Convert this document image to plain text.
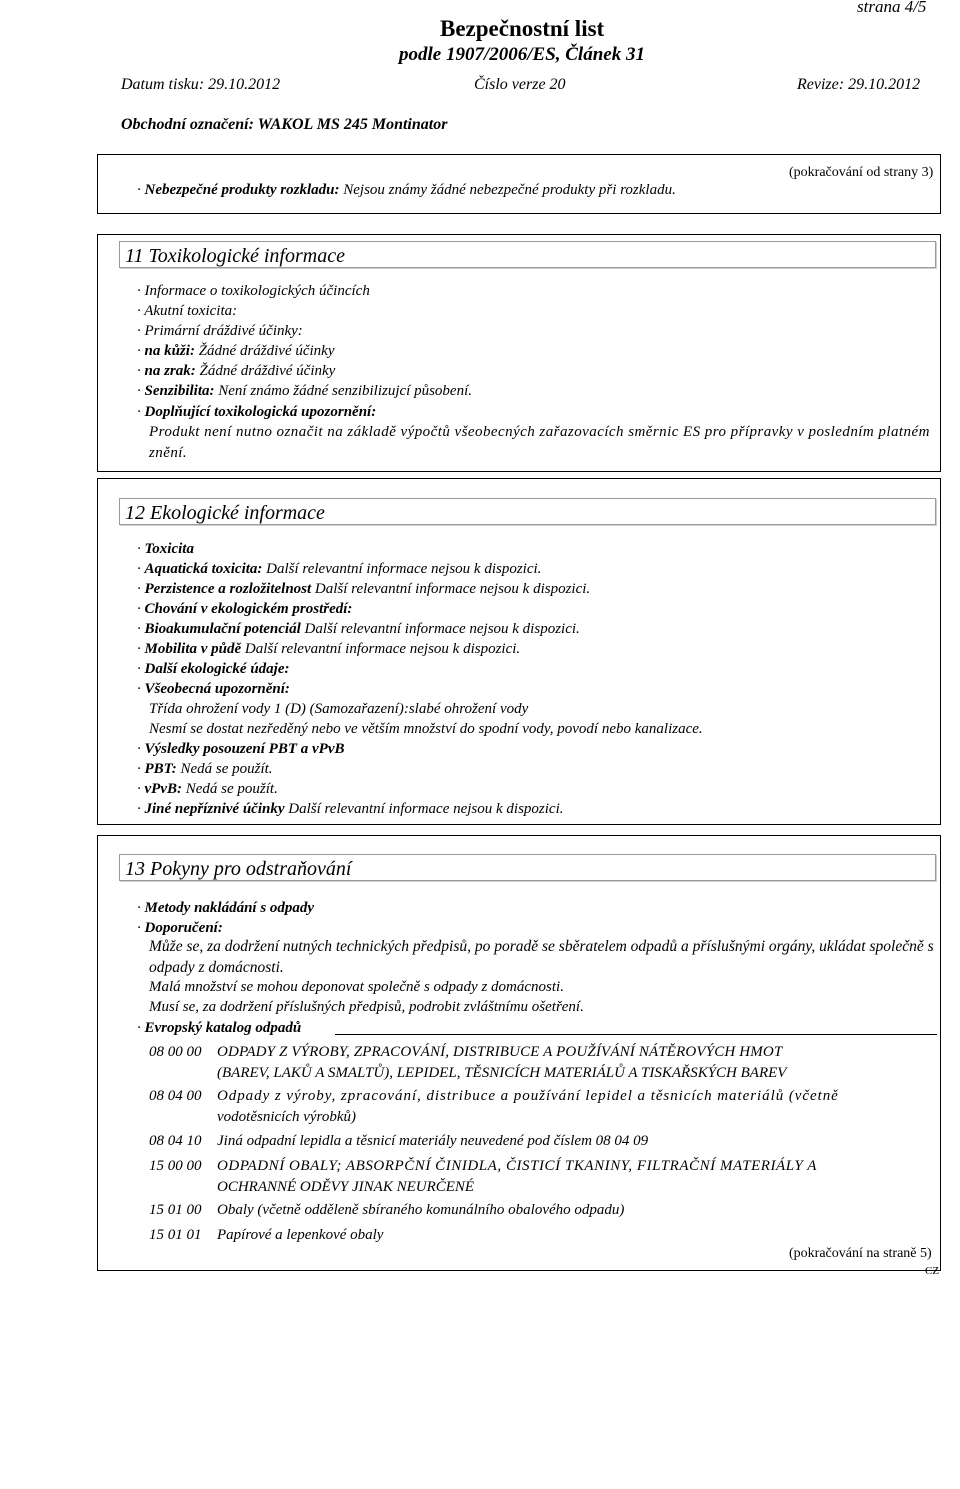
strana 4/5
Bezpečnostní list
podle 1907/2006/ES, Článek 31
Datum tisku: 29.10.2012	Číslo verze 20	Revize: 29.10.2012
Obchodní označení: WAKOL MS 245 Montinator
(pokračování od strany 3)
· Nebezpečné produkty rozkladu: Nejsou známy žádné nebezpečné produkty při rozkladu.
11 Toxikologické informace
· Informace o toxikologických účincích
· Akutní toxicita:
· Primární dráždivé účinky:
· na kůži: Žádné dráždivé účinky
· na zrak: Žádné dráždivé účinky
· Senzibilita: Není známo žádné senzibilizujcí působení.
· Doplňující toxikologická upozornění:
Produkt není nutno označit na základě výpočtů všeobecných zařazovacích směrnic ES pro přípravky v posledním platném znění.
12 Ekologické informace
· Toxicita
· Aquatická toxicita: Další relevantní informace nejsou k dispozici.
· Perzistence a rozložitelnost Další relevantní informace nejsou k dispozici.
· Chování v ekologickém prostředí:
· Bioakumulační potenciál Další relevantní informace nejsou k dispozici.
· Mobilita v půdě Další relevantní informace nejsou k dispozici.
· Další ekologické údaje:
· Všeobecná upozornění:
Třída ohrožení vody 1 (D) (Samozařazení):slabé ohrožení vody
Nesmí se dostat nezředěný nebo ve větším množství do spodní vody, povodí nebo kanalizace.
· Výsledky posouzení PBT a vPvB
· PBT: Nedá se použít.
· vPvB: Nedá se použít.
· Jiné nepříznivé účinky Další relevantní informace nejsou k dispozici.
13 Pokyny pro odstraňování
· Metody nakládání s odpady
· Doporučení:
Může se, za dodržení nutných technických předpisů, po poradě se sběratelem odpadů a příslušnými orgány, ukládat společně s odpady z domácnosti.
Malá množství se mohou deponovat společně s odpady z domácnosti.
Musí se, za dodržení příslušných předpisů, podrobit zvláštnímu ošetření.
· Evropský katalog odpadů
08 00 00 ODPADY Z VÝROBY, ZPRACOVÁNÍ, DISTRIBUCE A POUŽÍVÁNÍ NÁTĚROVÝCH HMOT
(BAREV, LAKŮ A SMALTŮ), LEPIDEL, TĚSNICÍCH MATERIÁLŮ A TISKAŘSKÝCH BAREV
08 04 00 Odpady z výroby, zpracování, distribuce a používání lepidel a těsnicích materiálů (včetně
vodotěsnicích výrobků)
08 04 10 Jiná odpadní lepidla a těsnicí materiály neuvedené pod číslem 08 04 09
15 00 00 ODPADNÍ OBALY; ABSORPČNÍ ČINIDLA, ČISTICÍ TKANINY, FILTRAČNÍ MATERIÁLY A
OCHRANNÉ ODĚVY JINAK NEURČENÉ
15 01 00 Obaly (včetně odděleně sbíraného komunálního obalového odpadu)
15 01 01 Papírové a lepenkové obaly
(pokračování na straně 5)
CZ
